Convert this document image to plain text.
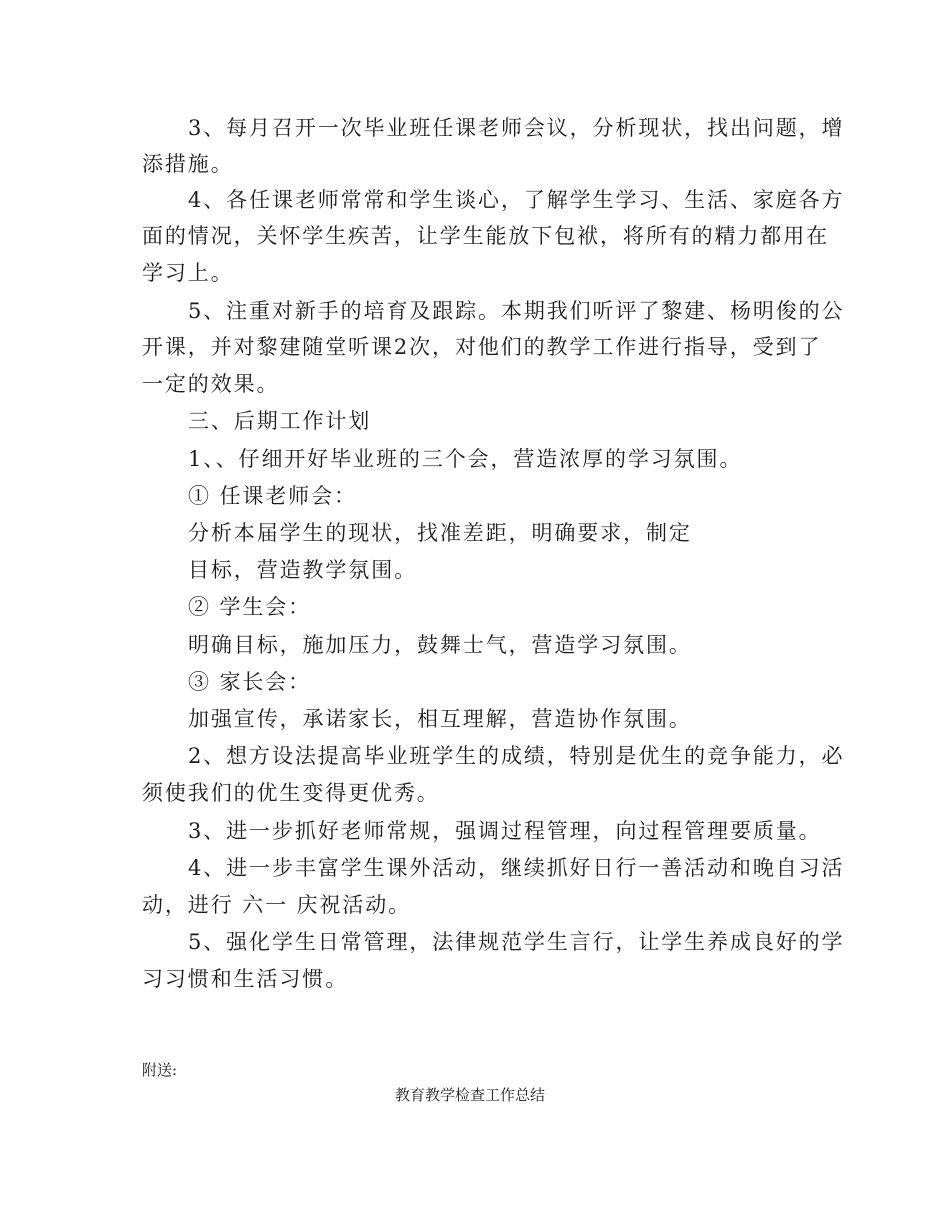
3、每月召开一次毕业班任课老师会议，分析现状，找出问题，增
添措施。
4、各任课老师常常和学生谈心，了解学生学习、生活、家庭各方
面的情况，关怀学生疾苦，让学生能放下包袱，将所有的精力都用在
学习上。
5、注重对新手的培育及跟踪。本期我们听评了黎建、杨明俊的公
开课，并对黎建随堂听课2次，对他们的教学工作进行指导，受到了
一定的效果。
三、后期工作计划
1、、仔细开好毕业班的三个会，营造浓厚的学习氛围。
① 任课老师会：
分析本届学生的现状，找准差距，明确要求，制定
目标，营造教学氛围。
② 学生会：
明确目标，施加压力，鼓舞士气，营造学习氛围。
③ 家长会：
加强宣传，承诺家长，相互理解，营造协作氛围。
2、想方设法提高毕业班学生的成绩，特别是优生的竞争能力，必
须使我们的优生变得更优秀。
3、进一步抓好老师常规，强调过程管理，向过程管理要质量。
4、进一步丰富学生课外活动，继续抓好日行一善活动和晚自习活
动，进行 六一 庆祝活动。
5、强化学生日常管理，法律规范学生言行，让学生养成良好的学
习习惯和生活习惯。
附送:
教育教学检查工作总结
